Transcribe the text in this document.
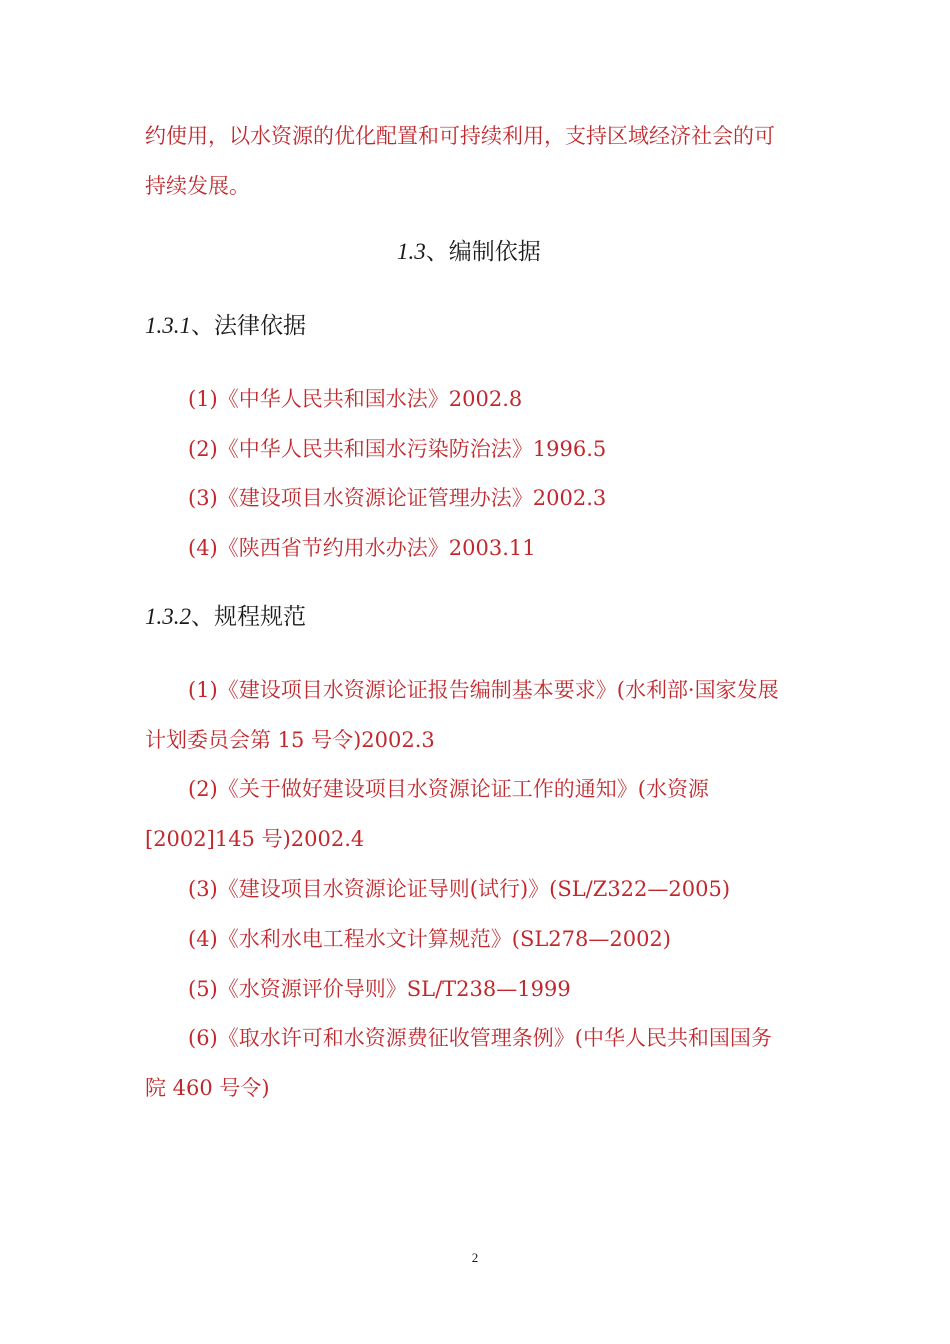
约使用，以水资源的优化配置和可持续利用，支持区域经济社会的可
持续发展。
1.3、编制依据
1.3.1、法律依据
(1)《中华人民共和国水法》2002.8
(2)《中华人民共和国水污染防治法》1996.5
(3)《建设项目水资源论证管理办法》2002.3
(4)《陕西省节约用水办法》2003.11
1.3.2、规程规范
(1)《建设项目水资源论证报告编制基本要求》(水利部·国家发展
计划委员会第 15 号令)2002.3
(2)《关于做好建设项目水资源论证工作的通知》(水资源
[2002]145 号)2002.4
(3)《建设项目水资源论证导则(试行)》(SL/Z322—2005)
(4)《水利水电工程水文计算规范》(SL278—2002)
(5)《水资源评价导则》SL/T238—1999
(6)《取水许可和水资源费征收管理条例》(中华人民共和国国务
院 460 号令)
2
